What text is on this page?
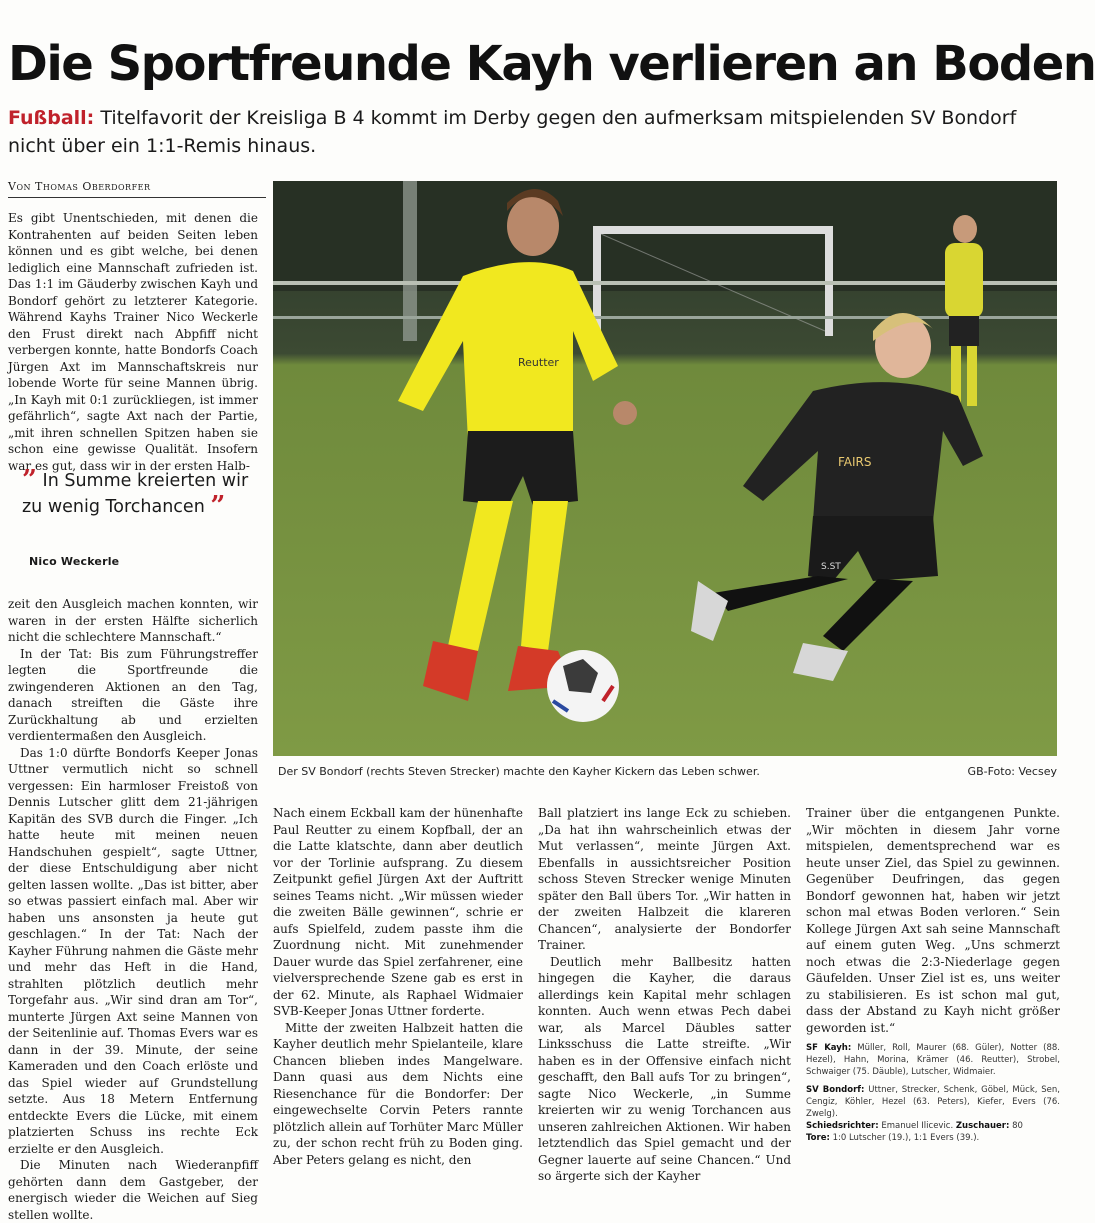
Die Sportfreunde Kayh verlieren an Boden
Fußball: Titelfavorit der Kreisliga B 4 kommt im Derby gegen den aufmerksam mitspielenden SV Bondorf nicht über ein 1:1-Remis hinaus.
Von Thomas Oberdorfer

Es gibt Unentschieden, mit denen die Kontrahenten auf beiden Seiten leben können und es gibt welche, bei denen lediglich eine Mannschaft zufrieden ist. Das 1:1 im Gäuderby zwischen Kayh und Bondorf gehört zu letzterer Kategorie. Während Kayhs Trainer Nico Weckerle den Frust direkt nach Abpfiff nicht verbergen konnte, hatte Bondorfs Coach Jürgen Axt im Mannschaftskreis nur lobende Worte für seine Mannen übrig. „In Kayh mit 0:1 zurückliegen, ist immer gefährlich“, sagte Axt nach der Partie, „mit ihren schnellen Spitzen haben sie schon eine gewisse Qualität. Insofern war es gut, dass wir in der ersten Halb-

” In Summe kreierten wir zu wenig Torchancen ”
Nico Weckerle

zeit den Ausgleich machen konnten, wir waren in der ersten Hälfte sicherlich nicht die schlechtere Mannschaft.“

In der Tat: Bis zum Führungstreffer legten die Sportfreunde die zwingenderen Aktionen an den Tag, danach streiften die Gäste ihre Zurückhaltung ab und erzielten verdientermaßen den Ausgleich.

Das 1:0 dürfte Bondorfs Keeper Jonas Uttner vermutlich nicht so schnell vergessen: Ein harmloser Freistoß von Dennis Lutscher glitt dem 21-jährigen Kapitän des SVB durch die Finger. „Ich hatte heute mit meinen neuen Handschuhen gespielt“, sagte Uttner, der diese Entschuldigung aber nicht gelten lassen wollte. „Das ist bitter, aber so etwas passiert einfach mal. Aber wir haben uns ansonsten ja heute gut geschlagen.“ In der Tat: Nach der Kayher Führung nahmen die Gäste mehr und mehr das Heft in die Hand, strahlten plötzlich deutlich mehr Torgefahr aus. „Wir sind dran am Tor“, munterte Jürgen Axt seine Mannen von der Seitenlinie auf. Thomas Evers war es dann in der 39. Minute, der seine Kameraden und den Coach erlöste und das Spiel wieder auf Grundstellung setzte. Aus 18 Metern Entfernung entdeckte Evers die Lücke, mit einem platzierten Schuss ins rechte Eck erzielte er den Ausgleich.

Die Minuten nach Wiederanpfiff gehörten dann dem Gastgeber, der energisch wieder die Weichen auf Sieg stellen wollte.

Reutter
FAIRS
S.ST
Der SV Bondorf (rechts Steven Strecker) machte den Kayher Kickern das Leben schwer.	GB-Foto: Vecsey

Nach einem Eckball kam der hünenhafte Paul Reutter zu einem Kopfball, der an die Latte klatschte, dann aber deutlich vor der Torlinie aufsprang. Zu diesem Zeitpunkt gefiel Jürgen Axt der Auftritt seines Teams nicht. „Wir müssen wieder die zweiten Bälle gewinnen“, schrie er aufs Spielfeld, zudem passte ihm die Zuordnung nicht. Mit zunehmender Dauer wurde das Spiel zerfahrener, eine vielversprechende Szene gab es erst in der 62. Minute, als Raphael Widmaier SVB-Keeper Jonas Uttner forderte.

Mitte der zweiten Halbzeit hatten die Kayher deutlich mehr Spielanteile, klare Chancen blieben indes Mangelware. Dann quasi aus dem Nichts eine Riesenchance für die Bondorfer: Der eingewechselte Corvin Peters rannte plötzlich allein auf Torhüter Marc Müller zu, der schon recht früh zu Boden ging. Aber Peters gelang es nicht, den

Ball platziert ins lange Eck zu schieben. „Da hat ihn wahrscheinlich etwas der Mut verlassen“, meinte Jürgen Axt. Ebenfalls in aussichtsreicher Position schoss Steven Strecker wenige Minuten später den Ball übers Tor. „Wir hatten in der zweiten Halbzeit die klareren Chancen“, analysierte der Bondorfer Trainer.

Deutlich mehr Ballbesitz hatten hingegen die Kayher, die daraus allerdings kein Kapital mehr schlagen konnten. Auch wenn etwas Pech dabei war, als Marcel Däubles satter Linksschuss die Latte streifte. „Wir haben es in der Offensive einfach nicht geschafft, den Ball aufs Tor zu bringen“, sagte Nico Weckerle, „in Summe kreierten wir zu wenig Torchancen aus unseren zahlreichen Aktionen. Wir haben letztendlich das Spiel gemacht und der Gegner lauerte auf seine Chancen.“ Und so ärgerte sich der Kayher

Trainer über die entgangenen Punkte. „Wir möchten in diesem Jahr vorne mitspielen, dementsprechend war es heute unser Ziel, das Spiel zu gewinnen. Gegenüber Deufringen, das gegen Bondorf gewonnen hat, haben wir jetzt schon mal etwas Boden verloren.“ Sein Kollege Jürgen Axt sah seine Mannschaft auf einem guten Weg. „Uns schmerzt noch etwas die 2:3-Niederlage gegen Gäufelden. Unser Ziel ist es, uns weiter zu stabilisieren. Es ist schon mal gut, dass der Abstand zu Kayh nicht größer geworden ist.“

SF Kayh: Müller, Roll, Maurer (68. Güler), Notter (88. Hezel), Hahn, Morina, Krämer (46. Reutter), Strobel, Schwaiger (75. Däuble), Lutscher, Widmaier.
SV Bondorf: Uttner, Strecker, Schenk, Göbel, Mück, Sen, Cengiz, Köhler, Hezel (63. Peters), Kiefer, Evers (76. Zwelg).
Schiedsrichter: Emanuel Ilicevic. Zuschauer: 80
Tore: 1:0 Lutscher (19.), 1:1 Evers (39.).
